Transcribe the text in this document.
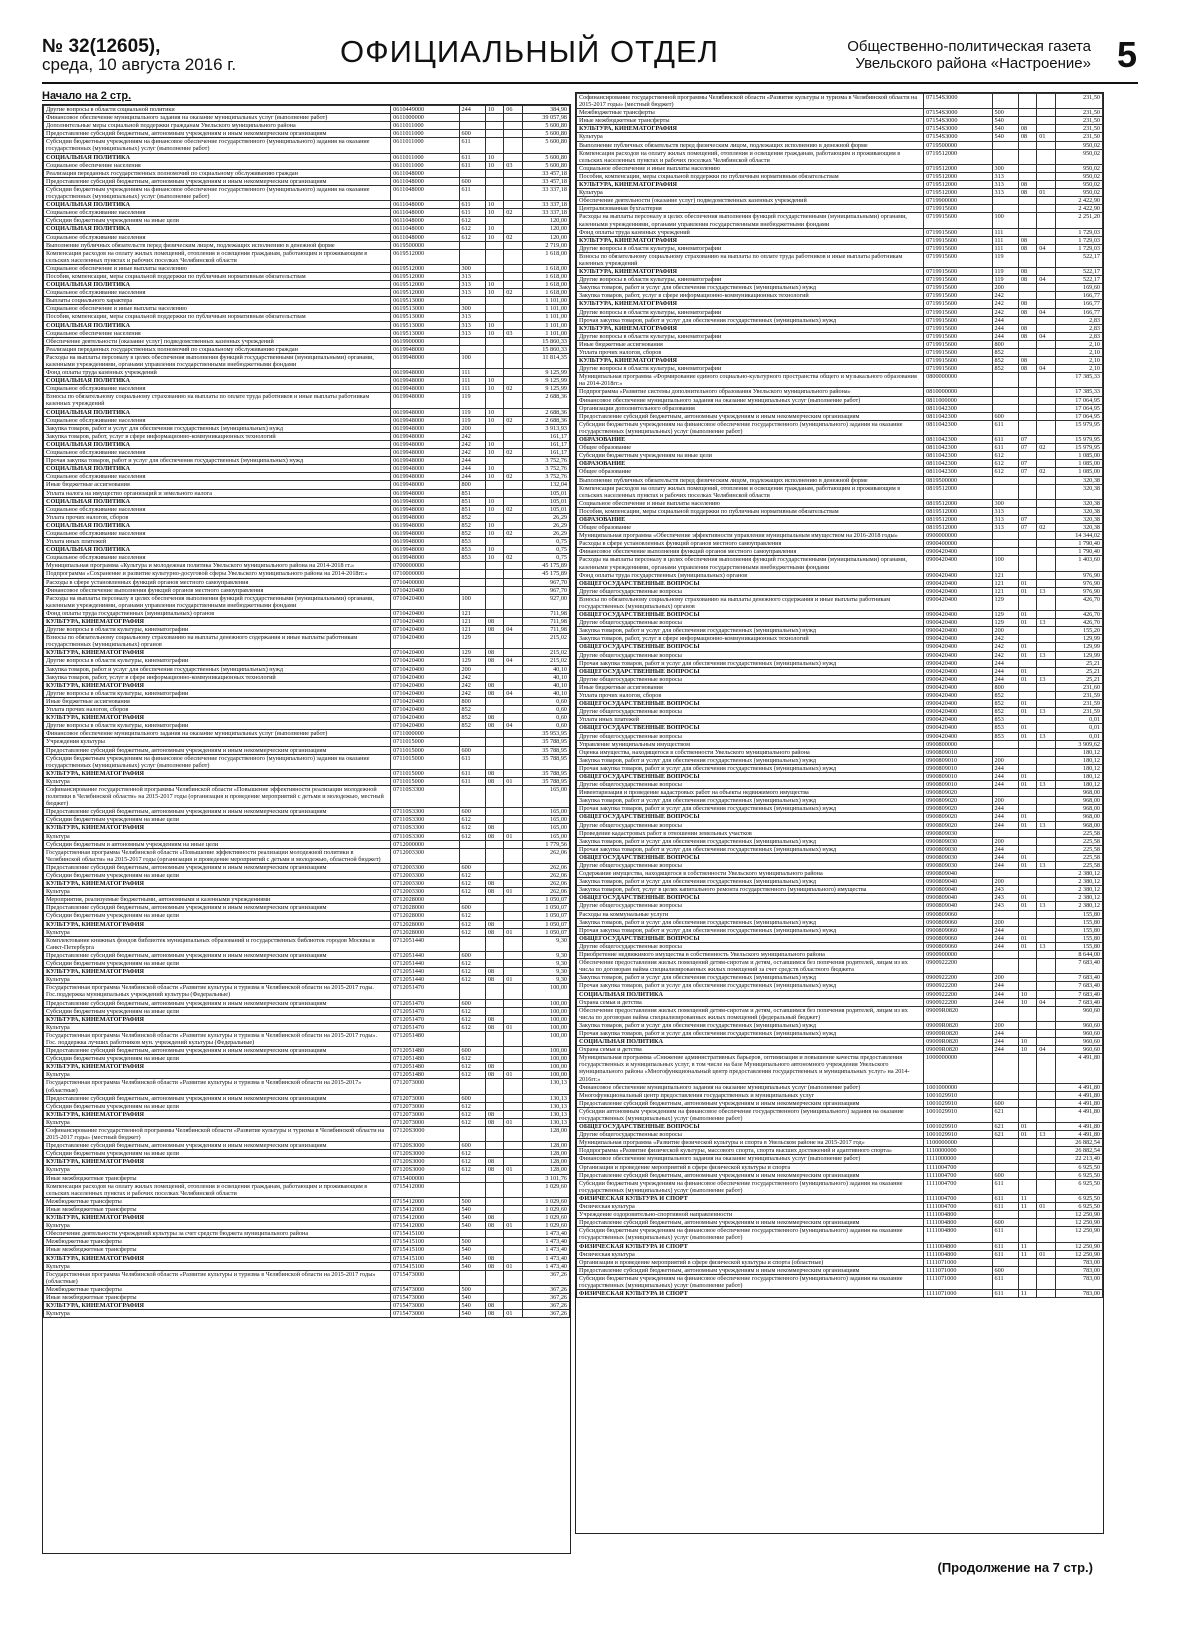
№ 32(12605),
среда, 10 августа 2016 г.	ОФИЦИАЛЬНЫЙ ОТДЕЛ	Общественно-политическая газета
Увельского района «Настроение» 5
Начало на 2 стр.
Другие вопросы в области социальной политики	0610449000	244	10	06	384,90
Финансовое обеспечение муниципального задания на оказание муниципальных услуг (выполнение работ)	0611000000				39 057,98
Дополнительные меры социальной поддержки гражданам Увельского муниципального района	0611011000				5 600,80
Предоставление субсидий бюджетным, автономным учреждениям и иным некоммерческим организациям	0611011000	600			5 600,80
Субсидии бюджетным учреждениям на финансовое обеспечение государственного (муниципального) задания на оказание государственных (муниципальных) услуг (выполнение работ)	0611011000	611			5 600,80
СОЦИАЛЬНАЯ ПОЛИТИКА	0611011000	611	10		5 600,80
Социальное обеспечение населения	0611011000	611	10	03	5 600,80
Реализация переданных государственных полномочий по социальному обслуживанию граждан	0611048000				33 457,18
Предоставление субсидий бюджетным, автономным учреждениям и иным некоммерческим организациям	0611048000	600			33 457,18
Субсидии бюджетным учреждениям на финансовое обеспечение государственного (муниципального) задания на оказание государственных (муниципальных) услуг (выполнение работ)	0611048000	611			33 337,18
СОЦИАЛЬНАЯ ПОЛИТИКА	0611048000	611	10		33 337,18
Социальное обслуживание населения	0611048000	611	10	02	33 337,18
Субсидии бюджетным учреждениям на иные цели	0611048000	612			120,00
СОЦИАЛЬНАЯ ПОЛИТИКА	0611048000	612	10		120,00
Социальное обслуживание населения	0611048000	612	10	02	120,00
Выполнение публичных обязательств перед физическим лицом, подлежащих исполнению в денежной форме	0619500000				2 719,00
Компенсация расходов на оплату жилых помещений, отопления и освещения гражданам, работающим и проживающим в сельских населенных пунктах и рабочих поселках Челябинской области	0619512000				1 618,00
Социальное обеспечение и иные выплаты населению	0619512000	300			1 618,00
Пособия, компенсации, меры социальной поддержки по публичным нормативным обязательствам	0619512000	313			1 618,00
СОЦИАЛЬНАЯ ПОЛИТИКА	0619512000	313	10		1 618,00
Социальное обслуживание населения	0619512000	313	10	02	1 618,00
Выплаты социального характера	0619513000				1 101,00
Социальное обеспечение и иные выплаты населению	0619513000	300			1 101,00
Пособия, компенсации, меры социальной поддержки по публичным нормативным обязательствам	0619513000	313			1 101,00
СОЦИАЛЬНАЯ ПОЛИТИКА	0619513000	313	10		1 101,00
Социальное обеспечение населения	0619513000	313	10	03	1 101,00
Обеспечение деятельности (оказание услуг) подведомственных казенных учреждений	0619900000				15 860,33
Реализация переданных государственных полномочий по социальному обслуживанию граждан	0619948000				15 860,33
Расходы на выплаты персоналу в целях обеспечения выполнения функций государственными (муниципальными) органами, казенными учреждениями, органами управления государственными внебюджетными фондами	0619948000	100			11 814,35
Фонд оплаты труда казенных учреждений	0619948000	111			9 125,99
СОЦИАЛЬНАЯ ПОЛИТИКА	0619948000	111	10		9 125,99
Социальное обслуживание населения	0619948000	111	10	02	9 125,99
Взносы по обязательному социальному страхованию на выплаты по оплате труда работников и иные выплаты работникам казенных учреждений	0619948000	119			2 688,36
СОЦИАЛЬНАЯ ПОЛИТИКА	0619948000	119	10		2 688,36
Социальное обслуживание населения	0619948000	119	10	02	2 688,36
Закупка товаров, работ и услуг для обеспечения государственных (муниципальных) нужд	0619948000	200			3 913,93
Закупка товаров, работ, услуг в сфере информационно-коммуникационных технологий	0619948000	242			161,17
СОЦИАЛЬНАЯ ПОЛИТИКА	0619948000	242	10		161,17
Социальное обслуживание населения	0619948000	242	10	02	161,17
Прочая закупка товаров, работ и услуг для обеспечения государственных (муниципальных) нужд	0619948000	244			3 752,76
СОЦИАЛЬНАЯ ПОЛИТИКА	0619948000	244	10		3 752,76
Социальное обслуживание населения	0619948000	244	10	02	3 752,76
Иные бюджетные ассигнования	0619948000	800			132,04
Уплата налога на имущество организаций и земельного налога	0619948000	851			105,01
СОЦИАЛЬНАЯ ПОЛИТИКА	0619948000	851	10		105,01
Социальное обслуживание населения	0619948000	851	10	02	105,01
Уплата прочих налогов, сборов	0619948000	852			26,29
СОЦИАЛЬНАЯ ПОЛИТИКА	0619948000	852	10		26,29
Социальное обслуживание населения	0619948000	852	10	02	26,29
Уплата иных платежей	0619948000	853			0,75
СОЦИАЛЬНАЯ ПОЛИТИКА	0619948000	853	10		0,75
Социальное обслуживание населения	0619948000	853	10	02	0,75
Муниципальная программа «Культура и молодежная политика Увельского муниципального района на 2014-2018 гг.»	0700000000				45 175,89
Подпрограмма «Сохранение и развитие культурно-досуговой сферы Увельского муниципального района на 2014-2018гг.»	0710000000				45 175,89
Расходы в сфере установленных функций органов местного самоуправления	0710400000				967,70
Финансовое обеспечение выполнения функций органов местного самоуправления	0710420400				967,70
Расходы на выплаты персоналу в целях обеспечения выполнения функций государственными (муниципальными) органами, казенными учреждениями, органами управления государственными внебюджетными фондами	0710420400	100			927,00
Фонд оплаты труда государственных (муниципальных) органов	0710420400	121			711,98
КУЛЬТУРА, КИНЕМАТОГРАФИЯ	0710420400	121	08		711,98
Другие вопросы в области культуры, кинематографии	0710420400	121	08	04	711,98
Взносы по обязательному социальному страхованию на выплаты денежного содержания и иные выплаты работникам государственных (муниципальных) органов	0710420400	129			215,02
КУЛЬТУРА, КИНЕМАТОГРАФИЯ	0710420400	129	08		215,02
Другие вопросы в области культуры, кинематографии	0710420400	129	08	04	215,02
Закупка товаров, работ и услуг для обеспечения государственных (муниципальных) нужд	0710420400	200			40,10
Закупка товаров, работ, услуг в сфере информационно-коммуникационных технологий	0710420400	242			40,10
КУЛЬТУРА, КИНЕМАТОГРАФИЯ	0710420400	242	08		40,10
Другие вопросы в области культуры, кинематографии	0710420400	242	08	04	40,10
Иные бюджетные ассигнования	0710420400	800			0,60
Уплата прочих налогов, сборов	0710420400	852			0,60
КУЛЬТУРА, КИНЕМАТОГРАФИЯ	0710420400	852	08		0,60
Другие вопросы в области культуры, кинематографии	0710420400	852	08	04	0,60
Финансовое обеспечение муниципального задания на оказание муниципальных услуг (выполнение работ)	0711000000				35 953,95
Учреждения культуры	0711015000				35 788,95
Предоставление субсидий бюджетным, автономным учреждениям и иным некоммерческим организациям	0711015000	600			35 788,95
Субсидии бюджетным учреждениям на финансовое обеспечение государственного (муниципального) задания на оказание государственных (муниципальных) услуг (выполнение работ)	0711015000	611			35 788,95
КУЛЬТУРА, КИНЕМАТОГРАФИЯ	0711015000	611	08		35 788,95
Культура	0711015000	611	08	01	35 788,95
Софинансирование государственной программы Челябинской области «Повышение эффективности реализации молодежной политики в Челябинской области» на 2015-2017 годы (организация и проведение мероприятий с детьми и молодежью, местный бюджет)	07110S3300				165,00
Предоставление субсидий бюджетным, автономным учреждениям и иным некоммерческим организациям	07110S3300	600			165,00
Субсидии бюджетным учреждениям на иные цели	07110S3300	612			165,00
КУЛЬТУРА, КИНЕМАТОГРАФИЯ	07110S3300	612	08		165,00
Культура	07110S3300	612	08	01	165,00
Субсидии бюджетным и автономным учреждениям на иные цели	0712000000				1 779,56
Государственная программа Челябинской области «Повышение эффективности реализации молодежной политики в Челябинской области» на 2015-2017 годы (организация и проведение мероприятий с детьми и молодежью, областной бюджет)	0712003300				262,06
Предоставление субсидий бюджетным, автономным учреждениям и иным некоммерческим организациям	0712003300	600			262,06
Субсидии бюджетным учреждениям на иные цели	0712003300	612			262,06
КУЛЬТУРА, КИНЕМАТОГРАФИЯ	0712003300	612	08		262,06
Культура	0712003300	612	08	01	262,06
Мероприятия, реализуемые бюджетными, автономными и казенными учреждениями	0712028000				1 050,07
Предоставление субсидий бюджетным, автономным учреждениям и иным некоммерческим организациям	0712028000	600			1 050,07
Субсидии бюджетным учреждениям на иные цели	0712028000	612			1 050,07
КУЛЬТУРА, КИНЕМАТОГРАФИЯ	0712028000	612	08		1 050,07
Культура	0712028000	612	08	01	1 050,07
Комплектование книжных фондов библиотек муниципальных образований и государственных библиотек городов Москвы и Санкт-Петербурга	0712051440				9,30
Предоставление субсидий бюджетным, автономным учреждениям и иным некоммерческим организациям	0712051440	600			9,30
Субсидии бюджетным учреждениям на иные цели	0712051440	612			9,30
КУЛЬТУРА, КИНЕМАТОГРАФИЯ	0712051440	612	08		9,30
Культура	0712051440	612	08	01	9,30
Государственная программа Челябинской области «Развитие культуры и туризма в Челябинской области на 2015-2017 годы. Гос.поддержка муниципальных учреждений культуры (Федеральные)	0712051470				100,00
Предоставление субсидий бюджетным, автономным учреждениям и иным некоммерческим организациям	0712051470	600			100,00
Субсидии бюджетным учреждениям на иные цели	0712051470	612			100,00
КУЛЬТУРА, КИНЕМАТОГРАФИЯ	0712051470	612	08		100,00
Культура	0712051470	612	08	01	100,00
Государственная программа Челябинской области «Развитие культуры и туризма в Челябинской области на 2015-2017 годы». Гос. поддержка лучших работников мун. учреждений культуры (Федеральные)	0712051480				100,00
Предоставление субсидий бюджетным, автономным учреждениям и иным некоммерческим организациям	0712051480	600			100,00
Субсидии бюджетным учреждениям на иные цели	0712051480	612			100,00
КУЛЬТУРА, КИНЕМАТОГРАФИЯ	0712051480	612	08		100,00
Культура	0712051480	612	08	01	100,00
Государственная программа Челябинской области «Развитие культуры и туризма в Челябинской области на 2015-2017» (областные)	0712073000				130,13
Предоставление субсидий бюджетным, автономным учреждениям и иным некоммерческим организациям	0712073000	600			130,13
Субсидии бюджетным учреждениям на иные цели	0712073000	612			130,13
КУЛЬТУРА, КИНЕМАТОГРАФИЯ	0712073000	612	08		130,13
Культура	0712073000	612	08	01	130,13
Софинансирование государственной программы Челябинской области «Развитие культуры и туризма в Челябинской области на 2015-2017 годы» (местный бюджет)	07120S3000				128,00
Предоставление субсидий бюджетным, автономным учреждениям и иным некоммерческим организациям	07120S3000	600			128,00
Субсидии бюджетным учреждениям на иные цели	07120S3000	612			128,00
КУЛЬТУРА, КИНЕМАТОГРАФИЯ	07120S3000	612	08		128,00
Культура	07120S3000	612	08	01	128,00
Иные межбюджетные трансферты	0715400000				3 101,76
Компенсация расходов на оплату жилых помещений, отопления и освещения гражданам, работающим и проживающим в сельских населенных пунктах и рабочих поселках Челябинской области	0715412000				1 029,60
Межбюджетные трансферты	0715412000	500			1 029,60
Иные межбюджетные трансферты	0715412000	540			1 029,60
КУЛЬТУРА, КИНЕМАТОГРАФИЯ	0715412000	540	08		1 029,60
Культура	0715412000	540	08	01	1 029,60
Обеспечение деятельности учреждений культуры за счет средств бюджета муниципального района	0715415100				1 473,40
Межбюджетные трансферты	0715415100	500			1 473,40
Иные межбюджетные трансферты	0715415100	540			1 473,40
КУЛЬТУРА, КИНЕМАТОГРАФИЯ	0715415100	540	08		1 473,40
Культура	0715415100	540	08	01	1 473,40
Государственная программа Челябинской области «Развитие культуры и туризма в Челябинской области на 2015-2017 годы» (областные)	0715473000				367,26
Межбюджетные трансферты	0715473000	500			367,26
Иные межбюджетные трансферты	0715473000	540			367,26
КУЛЬТУРА, КИНЕМАТОГРАФИЯ	0715473000	540	08		367,26
Культура	0715473000	540	08	01	367,26
Софинансирование государственной программы Челябинской области «Развитие культуры и туризма в Челябинской области на 2015-2017 годы» (местный бюджет)	07154S3000				231,50
Межбюджетные трансферты	07154S3000	500			231,50
Иные межбюджетные трансферты	07154S3000	540			231,50
КУЛЬТУРА, КИНЕМАТОГРАФИЯ	07154S3000	540	08		231,50
Культура	07154S3000	540	08	01	231,50
Выполнение публичных обязательств перед физическим лицом, подлежащих исполнению в денежной форме	0719500000				950,02
Компенсация расходов на оплату жилых помещений, отопления и освещения гражданам, работающим и проживающим в сельских населенных пунктах и рабочих поселках Челябинской области	0719512000				950,02
Социальное обеспечение и иные выплаты населению	0719512000	300			950,02
Пособия, компенсации, меры социальной поддержки по публичным нормативным обязательствам	0719512000	313			950,02
КУЛЬТУРА, КИНЕМАТОГРАФИЯ	0719512000	313	08		950,02
Культура	0719512000	313	08	01	950,02
Обеспечение деятельности (оказание услуг) подведомственных казенных учреждений	0719900000				2 422,90
Централизованная бухгалтерия	0719915600				2 422,90
Расходы на выплаты персоналу в целях обеспечения выполнения функций государственными (муниципальными) органами, казенными учреждениями, органами управления государственными внебюджетными фондами	0719915600	100			2 251,20
Фонд оплаты труда казенных учреждений	0719915600	111			1 729,03
КУЛЬТУРА, КИНЕМАТОГРАФИЯ	0719915600	111	08		1 729,03
Другие вопросы в области культуры, кинематографии	0719915600	111	08	04	1 729,03
Взносы по обязательному социальному страхованию на выплаты по оплате труда работников и иные выплаты работникам казенных учреждений	0719915600	119			522,17
КУЛЬТУРА, КИНЕМАТОГРАФИЯ	0719915600	119	08		522,17
Другие вопросы в области культуры, кинематографии	0719915600	119	08	04	522,17
Закупка товаров, работ и услуг для обеспечения государственных (муниципальных) нужд	0719915600	200			169,60
Закупка товаров, работ, услуг в сфере информационно-коммуникационных технологий	0719915600	242			166,77
КУЛЬТУРА, КИНЕМАТОГРАФИЯ	0719915600	242	08		166,77
Другие вопросы в области культуры, кинематографии	0719915600	242	08	04	166,77
Прочая закупка товаров, работ и услуг для обеспечения государственных (муниципальных) нужд	0719915600	244			2,83
КУЛЬТУРА, КИНЕМАТОГРАФИЯ	0719915600	244	08		2,83
Другие вопросы в области культуры, кинематографии	0719915600	244	08	04	2,83
Иные бюджетные ассигнования	0719915600	800			2,10
Уплата прочих налогов, сборов	0719915600	852			2,10
КУЛЬТУРА, КИНЕМАТОГРАФИЯ	0719915600	852	08		2,10
Другие вопросы в области культуры, кинематографии	0719915600	852	08	04	2,10
Муниципальная программа «Формирование единого социально-культурного пространства общего и музыкального образования на 2014-2018гг.»	0800000000				17 385,33
Подпрограмма «Развитие системы дополнительного образования Увельского муниципального района»	0810000000				17 385,33
Финансовое обеспечение муниципального задания на оказание муниципальных услуг (выполнение работ)	0811000000				17 064,95
Организации дополнительного образования	0811042300				17 064,95
Предоставление субсидий бюджетным, автономным учреждениям и иным некоммерческим организациям	0811042300	600			17 064,95
Субсидии бюджетным учреждениям на финансовое обеспечение государственного (муниципального) задания на оказание государственных (муниципальных) услуг (выполнение работ)	0811042300	611			15 979,95
ОБРАЗОВАНИЕ	0811042300	611	07		15 979,95
Общее образование	0811042300	611	07	02	15 979,95
Субсидии бюджетным учреждениям на иные цели	0811042300	612			1 085,00
ОБРАЗОВАНИЕ	0811042300	612	07		1 085,00
Общее образование	0811042300	612	07	02	1 085,00
Выполнение публичных обязательств перед физическим лицом, подлежащих исполнению в денежной форме	0819500000				320,38
Компенсация расходов на оплату жилых помещений, отопления и освещения гражданам, работающим и проживающим в сельских населенных пунктах и рабочих поселках Челябинской области	0819512000				320,38
Социальное обеспечение и иные выплаты населению	0819512000	300			320,38
Пособия, компенсации, меры социальной поддержки по публичным нормативным обязательствам	0819512000	313			320,38
ОБРАЗОВАНИЕ	0819512000	313	07		320,38
Общее образование	0819512000	313	07	02	320,38
Муниципальная программа «Обеспечение эффективности управления муниципальным имуществом на 2016-2018 годы»	0900000000				14 344,02
Расходы в сфере установленных функций органов местного самоуправления	0900400000				1 790,40
Финансовое обеспечение выполнения функций органов местного самоуправления	0900420400				1 790,40
Расходы на выплаты персоналу в целях обеспечения выполнения функций государственными (муниципальными) органами, казенными учреждениями, органами управления государственными внебюджетными фондами	0900420400	100			1 403,60
Фонд оплаты труда государственных (муниципальных) органов	0900420400	121			976,90
ОБЩЕГОСУДАРСТВЕННЫЕ ВОПРОСЫ	0900420400	121	01		976,90
Другие общегосударственные вопросы	0900420400	121	01	13	976,90
Взносы по обязательному социальному страхованию на выплаты денежного содержания и иные выплаты работникам государственных (муниципальных) органов	0900420400	129			426,70
ОБЩЕГОСУДАРСТВЕННЫЕ ВОПРОСЫ	0900420400	129	01		426,70
Другие общегосударственные вопросы	0900420400	129	01	13	426,70
Закупка товаров, работ и услуг для обеспечения государственных (муниципальных) нужд	0900420400	200			155,20
Закупка товаров, работ, услуг в сфере информационно-коммуникационных технологий	0900420400	242			129,99
ОБЩЕГОСУДАРСТВЕННЫЕ ВОПРОСЫ	0900420400	242	01		129,99
Другие общегосударственные вопросы	0900420400	242	01	13	129,99
Прочая закупка товаров, работ и услуг для обеспечения государственных (муниципальных) нужд	0900420400	244			25,21
ОБЩЕГОСУДАРСТВЕННЫЕ ВОПРОСЫ	0900420400	244	01		25,21
Другие общегосударственные вопросы	0900420400	244	01	13	25,21
Иные бюджетные ассигнования	0900420400	800			231,60
Уплата прочих налогов, сборов	0900420400	852			231,59
ОБЩЕГОСУДАРСТВЕННЫЕ ВОПРОСЫ	0900420400	852	01		231,59
Другие общегосударственные вопросы	0900420400	852	01	13	231,59
Уплата иных платежей	0900420400	853			0,01
ОБЩЕГОСУДАРСТВЕННЫЕ ВОПРОСЫ	0900420400	853	01		0,01
Другие общегосударственные вопросы	0900420400	853	01	13	0,01
Управление муниципальным имуществом	0900800000				3 909,62
Оценка имущества, находящегося в собственности Увельского муниципального района	0900809010				180,12
Закупка товаров, работ и услуг для обеспечения государственных (муниципальных) нужд	0900809010	200			180,12
Прочая закупка товаров, работ и услуг для обеспечения государственных (муниципальных) нужд	0900809010	244			180,12
ОБЩЕГОСУДАРСТВЕННЫЕ ВОПРОСЫ	0900809010	244	01		180,12
Другие общегосударственные вопросы	0900809010	244	01	13	180,12
Инвентаризация и проведение кадастровых работ на объекты недвижимого имущества	0900809020				968,00
Закупка товаров, работ и услуг для обеспечения государственных (муниципальных) нужд	0900809020	200			968,00
Прочая закупка товаров, работ и услуг для обеспечения государственных (муниципальных) нужд	0900809020	244			968,00
ОБЩЕГОСУДАРСТВЕННЫЕ ВОПРОСЫ	0900809020	244	01		968,00
Другие общегосударственные вопросы	0900809020	244	01	13	968,00
Проведение кадастровых работ в отношении земельных участков	0900809030				225,58
Закупка товаров, работ и услуг для обеспечения государственных (муниципальных) нужд	0900809030	200			225,58
Прочая закупка товаров, работ и услуг для обеспечения государственных (муниципальных) нужд	0900809030	244			225,58
ОБЩЕГОСУДАРСТВЕННЫЕ ВОПРОСЫ	0900809030	244	01		225,58
Другие общегосударственные вопросы	0900809030	244	01	13	225,58
Содержание имущества, находящегося в собственности Увельского муниципального района	0900809040				2 380,12
Закупка товаров, работ и услуг для обеспечения государственных (муниципальных) нужд	0900809040	200			2 380,12
Закупка товаров, работ, услуг в целях капитального ремонта государственного (муниципального) имущества	0900809040	243			2 380,12
ОБЩЕГОСУДАРСТВЕННЫЕ ВОПРОСЫ	0900809040	243	01		2 380,12
Другие общегосударственные вопросы	0900809040	243	01	13	2 380,12
Расходы на коммунальные услуги	0900809060				155,80
Закупка товаров, работ и услуг для обеспечения государственных (муниципальных) нужд	0900809060	200			155,80
Прочая закупка товаров, работ и услуг для обеспечения государственных (муниципальных) нужд	0900809060	244			155,80
ОБЩЕГОСУДАРСТВЕННЫЕ ВОПРОСЫ	0900809060	244	01		155,80
Другие общегосударственные вопросы	0900809060	244	01	13	155,80
Приобретение недвижимого имущества в собственность Увельского муниципального района	0900900000				8 644,00
Обеспечение предоставления жилых помещений детям-сиротам и детям, оставшимся без попечения родителей, лицам из их числа по договорам найма специализированных жилых помещений за счет средств областного бюджета	0900922200				7 683,40
Закупка товаров, работ и услуг для обеспечения государственных (муниципальных) нужд	0900922200	200			7 683,40
Прочая закупка товаров, работ и услуг для обеспечения государственных (муниципальных) нужд	0900922200	244			7 683,40
СОЦИАЛЬНАЯ ПОЛИТИКА	0900922200	244	10		7 683,40
Охрана семьи и детства	0900922200	244	10	04	7 683,40
Обеспечение предоставления жилых помещений детям-сиротам и детям, оставшимся без попечения родителей, лицам из их числа по договорам найма специализированных жилых помещений (федеральный бюджет)	09009R0820				960,60
Закупка товаров, работ и услуг для обеспечения государственных (муниципальных) нужд	09009R0820	200			960,60
Прочая закупка товаров, работ и услуг для обеспечения государственных (муниципальных) нужд	09009R0820	244			960,60
СОЦИАЛЬНАЯ ПОЛИТИКА	09009R0820	244	10		960,60
Охрана семьи и детства	09009R0820	244	10	04	960,60
Муниципальная программа «Снижение административных барьеров, оптимизация и повышение качества предоставления государственных и муниципальных услуг, в том числе на базе Муниципального автономного учреждения Увельского муниципального района «Многофункциональный центр предоставления государственных и муниципальных услуг» на 2014-2016гг.»	1000000000				4 491,80
Финансовое обеспечение муниципального задания на оказание муниципальных услуг (выполнение работ)	1001000000				4 491,80
Многофункциональный центр предоставления государственных и муниципальных услуг	1001029910				4 491,80
Предоставление субсидий бюджетным, автономным учреждениям и иным некоммерческим организациям	1001029910	600			4 491,80
Субсидии автономным учреждениям на финансовое обеспечение государственного (муниципального) задания на оказание государственных (муниципальных) услуг (выполнение работ)	1001029910	621			4 491,80
ОБЩЕГОСУДАРСТВЕННЫЕ ВОПРОСЫ	1001029910	621	01		4 491,80
Другие общегосударственные вопросы	1001029910	621	01	13	4 491,80
Муниципальная программа «Развитие физической культуры и спорта в Увельском районе на 2015-2017 год»	1100000000				26 882,54
Подпрограмма «Развитие физической культуры, массового спорта, спорта высших достижений и адаптивного спорта»	1110000000				26 882,54
Финансовое обеспечение муниципального задания на оказание муниципальных услуг (выполнение работ)	1111000000				22 213,40
Организация и проведение мероприятий в сфере физической культуры и спорта	1111004700				6 925,50
Предоставление субсидий бюджетным, автономным учреждениям и иным некоммерческим организациям	1111004700	600			6 925,50
Субсидии бюджетным учреждениям на финансовое обеспечение государственного (муниципального) задания на оказание государственных (муниципальных) услуг (выполнение работ)	1111004700	611			6 925,50
ФИЗИЧЕСКАЯ КУЛЬТУРА И СПОРТ	1111004700	611	11		6 925,50
Физическая культура	1111004700	611	11	01	6 925,50
Учреждение оздоровительно-спортивной направленности	1111004800				12 250,90
Предоставление субсидий бюджетным, автономным учреждениям и иным некоммерческим организациям	1111004800	600			12 250,90
Субсидии бюджетным учреждениям на финансовое обеспечение государственного (муниципального) задания на оказание государственных (муниципальных) услуг (выполнение работ)	1111004800	611			12 250,90
ФИЗИЧЕСКАЯ КУЛЬТУРА И СПОРТ	1111004800	611	11		12 250,90
Физическая культура	1111004800	611	11	01	12 250,90
Организация и проведение мероприятий в сфере физической культуры и спорта (областные)	1111071000				783,00
Предоставление субсидий бюджетным, автономным учреждениям и иным некоммерческим организациям	1111071000	600			783,00
Субсидии бюджетным учреждениям на финансовое обеспечение государственного (муниципального) задания на оказание государственных (муниципальных) услуг (выполнение работ)	1111071000	611			783,00
ФИЗИЧЕСКАЯ КУЛЬТУРА И СПОРТ	1111071000	611	11		783,00
(Продолжение на 7 стр.)
